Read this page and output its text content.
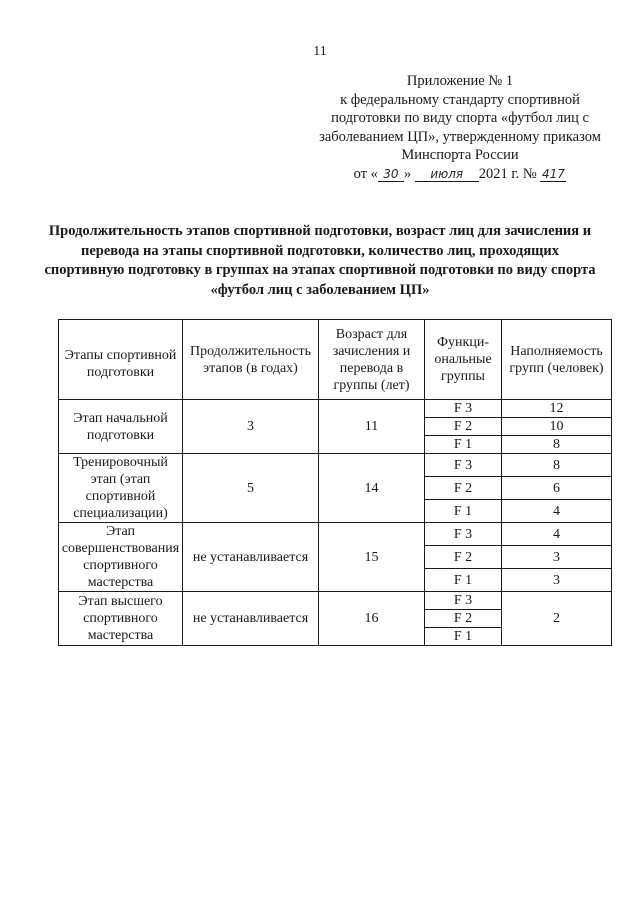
11
Приложение № 1
к федеральному стандарту спортивной
подготовки по виду спорта «футбол лиц с
заболеванием ЦП», утвержденному приказом
Минспорта России
от « 30 » июля 2021 г. № 417
Продолжительность этапов спортивной подготовки, возраст лиц для зачисления и перевода на этапы спортивной подготовки, количество лиц, проходящих спортивную подготовку в группах на этапах спортивной подготовки по виду спорта «футбол лиц с заболеванием ЦП»
Этапы спортивной подготовки	Продолжительность этапов (в годах)	Возраст для зачисления и перевода в группы (лет)	Функци-ональные группы	Наполняемость групп (человек)
Этап начальной подготовки	3	11	F 3	12
			F 2	10
			F 1	8
Тренировочный этап (этап спортивной специализации)	5	14	F 3	8
			F 2	6
			F 1	4
Этап совершенствования спортивного мастерства	не устанавливается	15	F 3	4
			F 2	3
			F 1	3
Этап высшего спортивного мастерства	не устанавливается	16	F 3	2
			F 2	
			F 1	
